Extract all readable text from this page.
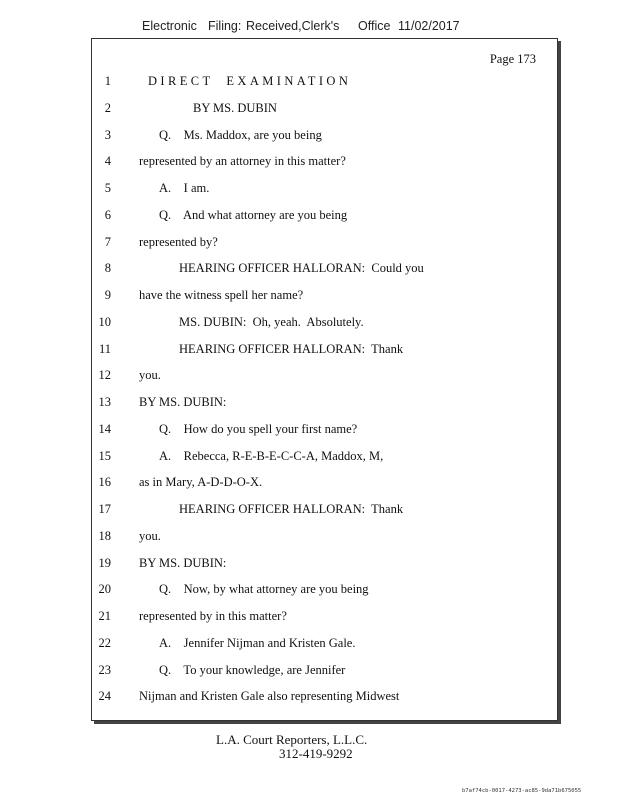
Electronic Filing: Received,Clerk's	Office 11/02/2017
Page 173
1	DIRECT  EXAMINATION
2	BY MS. DUBIN
3	Q.    Ms. Maddox, are you being
4 represented by an attorney in this matter?
5	A.    I am.
6	Q.    And what attorney are you being
7 represented by?
8	HEARING OFFICER HALLORAN:  Could you
9 have the witness spell her name?
10	MS. DUBIN:  Oh, yeah.  Absolutely.
11	HEARING OFFICER HALLORAN:  Thank
12 you.
13 BY MS. DUBIN:
14	Q.    How do you spell your first name?
15	A.    Rebecca, R-E-B-E-C-C-A, Maddox, M,
16 as in Mary, A-D-D-O-X.
17	HEARING OFFICER HALLORAN:  Thank
18 you.
19 BY MS. DUBIN:
20	Q.    Now, by what attorney are you being
21 represented by in this matter?
22	A.    Jennifer Nijman and Kristen Gale.
23	Q.    To your knowledge, are Jennifer
24 Nijman and Kristen Gale also representing Midwest
L.A. Court Reporters, L.L.C.
312-419-9292
b7af74cb-0017-4273-ac85-9da71b675055
